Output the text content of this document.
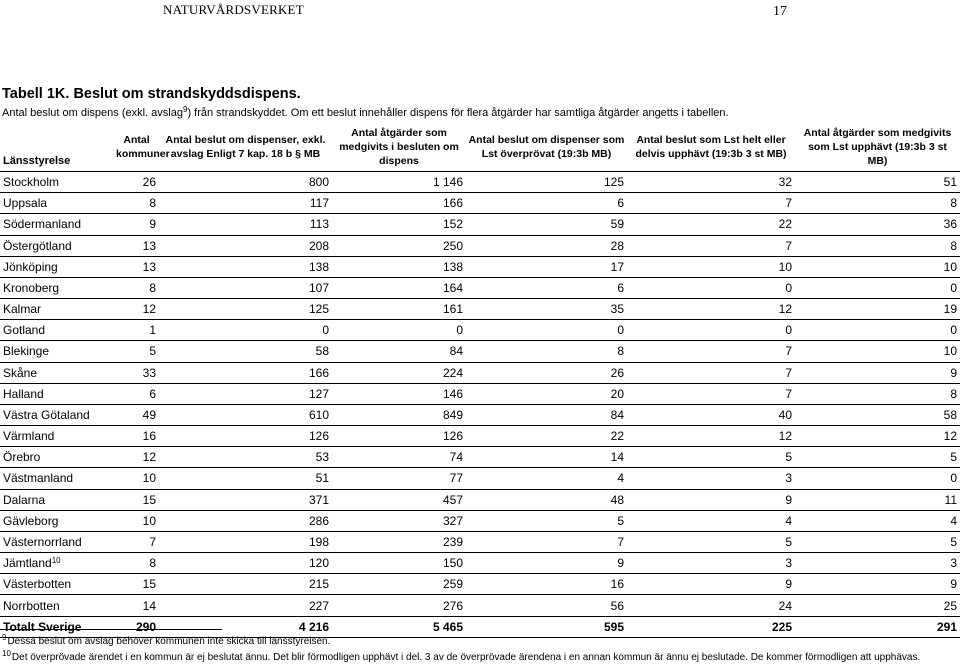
NATURVÅRDSVERKET	17
Tabell 1K. Beslut om strandskyddsdispens.
Antal beslut om dispens (exkl. avslag$^9$) från strandskyddet. Om ett beslut innehåller dispens för flera åtgärder har samtliga åtgärder angetts i tabellen.
Länsstyrelse	Antal kommuner	Antal beslut om dispenser, exkl. avslag Enligt 7 kap. 18 b § MB	Antal åtgärder som medgivits i besluten om dispens	Antal beslut om dispenser som Lst överprövat (19:3b MB)	Antal beslut som Lst helt eller delvis upphävt (19:3b 3 st MB)	Antal åtgärder som medgivits som Lst upphävt (19:3b 3 st MB)
Stockholm	26	800	1 146	125	32	51
Uppsala	8	117	166	6	7	8
Södermanland	9	113	152	59	22	36
Östergötland	13	208	250	28	7	8
Jönköping	13	138	138	17	10	10
Kronoberg	8	107	164	6	0	0
Kalmar	12	125	161	35	12	19
Gotland	1	0	0	0	0	0
Blekinge	5	58	84	8	7	10
Skåne	33	166	224	26	7	9
Halland	6	127	146	20	7	8
Västra Götaland	49	610	849	84	40	58
Värmland	16	126	126	22	12	12
Örebro	12	53	74	14	5	5
Västmanland	10	51	77	4	3	0
Dalarna	15	371	457	48	9	11
Gävleborg	10	286	327	5	4	4
Västernorrland	7	198	239	7	5	5
Jämtland$^{10}$	8	120	150	9	3	3
Västerbotten	15	215	259	16	9	9
Norrbotten	14	227	276	56	24	25
Totalt Sverige	290	4 216	5 465	595	225	291
$^9$Dessa beslut om avslag behöver kommunen inte skicka till länsstyrelsen.
$^{10}$Det överprövade ärendet i en kommun är ej beslutat ännu. Det blir förmodligen upphävt i del. 3 av de överprövade ärendena i en annan kommun är ännu ej beslutade. De kommer förmodligen att upphävas.
